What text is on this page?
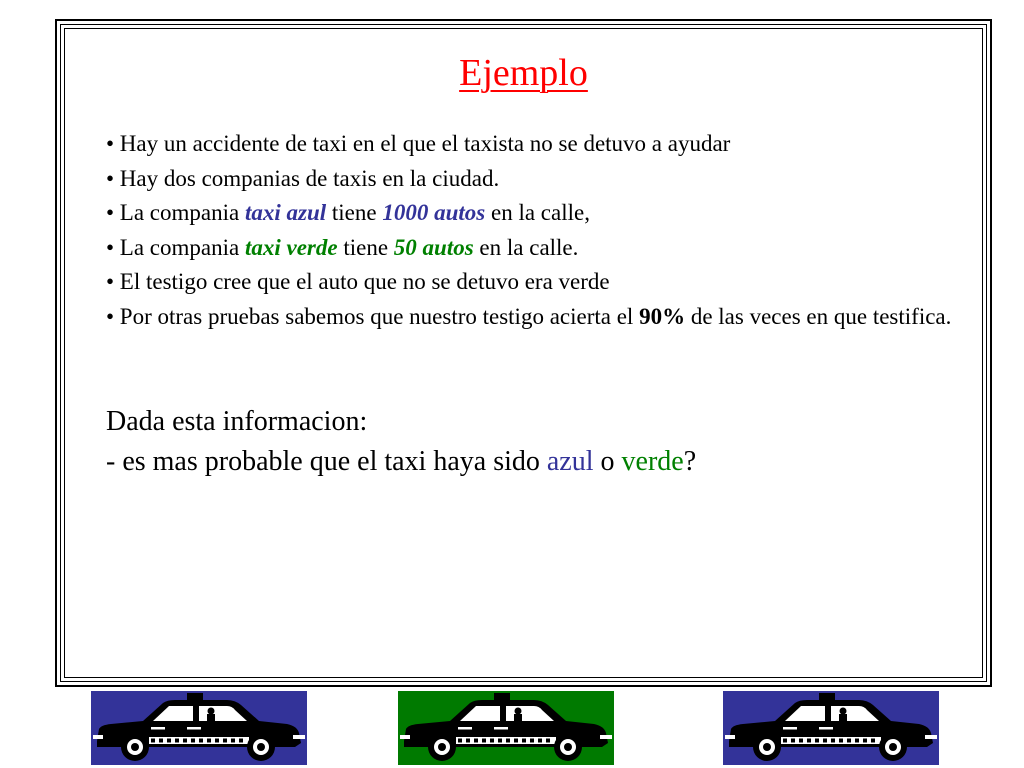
Ejemplo
• Hay un accidente de taxi en el que el taxista no se detuvo a ayudar
• Hay dos companias de taxis en la ciudad.
• La compania taxi azul tiene 1000 autos en la calle,
• La compania taxi verde tiene 50 autos en la calle.
• El testigo cree que el auto que no se detuvo era verde
• Por otras pruebas sabemos que nuestro testigo acierta el 90% de las veces en que testifica.
Dada esta informacion:
- es mas probable que el taxi haya sido azul o verde?
